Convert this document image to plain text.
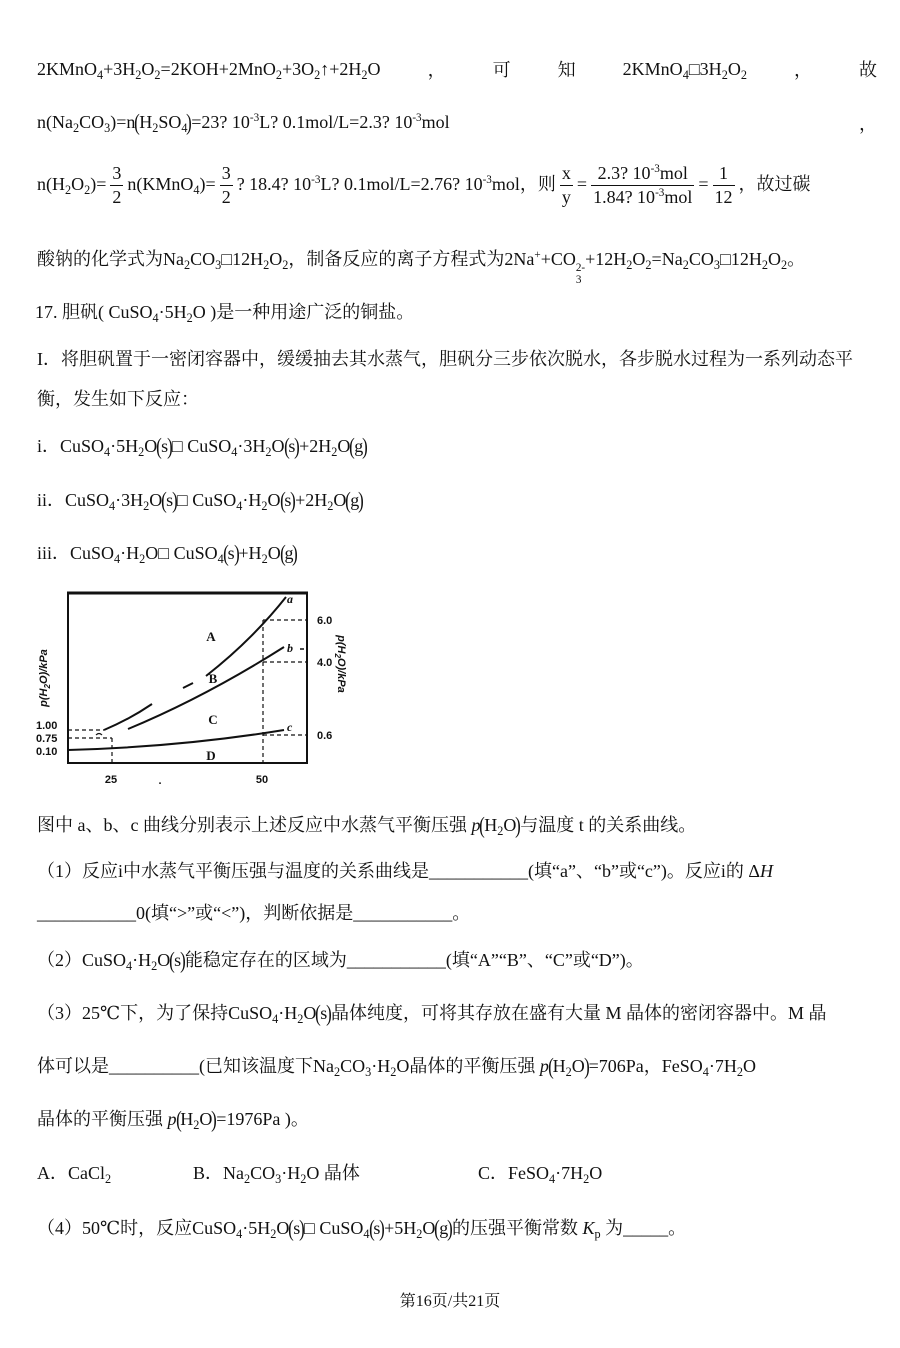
$2KMnO_4+3H_2O_2=2KOH+2MnO_2+3O_2↑+2H_2O$	，	可	知	$2KMnO_4□3H_2O_2$	，	故
$n(Na_2CO_3)=n(H_2SO_4)=23$? $10^{-3}L$? 0.1mol/L=2.3? $10^{-3}mol$	，
$n(H_2O_2)= \frac{3}{2}$ n(KMnO$_4$)= $\frac{3}{2}$ ? 18.4? $10^{-3}L$? 0.1mol/L=2.76? $10^{-3}mol$，则 $\frac{x}{y} = \frac{2.3? 10^{-3}mol}{1.84? 10^{-3}mol} = \frac{1}{12}$ ，故过碳
酸钠的化学式为$Na_2CO_3□12H_2O_2$，制备反应的离子方程式为2Na++CO
3
$2- +12H_2O_2=Na_2CO_3□12H_2O_2$。
17. 胆矾( $CuSO_4\cdot 5H_2O$ )是一种用途广泛的铜盐。
I．将胆矾置于一密闭容器中，缓缓抽去其水蒸气，胆矾分三步依次脱水，各步脱水过程为一系列动态平
衡，发生如下反应：
i．$CuSO_4\cdot 5H_2O(s)□$ $CuSO_4\cdot 3H_2O(s)+2H_2O(g)$
ii．$CuSO_4\cdot 3H_2O(s)□$ $CuSO_4\cdot H_2O(s)+2H_2O(g)$
iii．$CuSO_4\cdot H_2O□$ $CuSO_4(s)+H_2O(g)$
1.00
0.75
0.10
6.0
4.0
0.6
25	.	50
$p(H_2O)$/kPa
$p(H_2O)$/kPa
a
b
c
A
B
C
D
图中 a、b、c 曲线分别表示上述反应中水蒸气平衡压强 $p(H_2O)$与温度 t 的关系曲线。
（1）反应i中水蒸气平衡压强与温度的关系曲线是___________(填“a”、“b”或“c”)。反应i的 ΔH
___________0(填“>”或“<”)，判断依据是___________。
$(2)CuSO_4\cdot H_2O(s)$能稳定存在的区域为___________(填“A”“B”、“C”或“D”)。
（3）25℃下，为了保持$CuSO_4\cdot H_2O(s)$晶体纯度，可将其存放在盛有大量 M 晶体的密闭容器中。M 晶
体可以是__________(已知该温度下$Na_2CO_3\cdot H_2O$晶体的平衡压强 $p(H_2O)=706Pa$，$FeSO_4\cdot 7H_2O$
晶体的平衡压强 $p(H_2O)=1976Pa$ )。
A．CaCl$_2$	B．$Na_2CO_3\cdot H_2O$ 晶体	C．$FeSO_4\cdot 7H_2O$
（4）50℃时，反应$CuSO_4\cdot 5H_2O(s)□$ $CuSO_4(s)+5H_2O(g)$的压强平衡常数 $K_p$ 为_____。
第16页/共21页
